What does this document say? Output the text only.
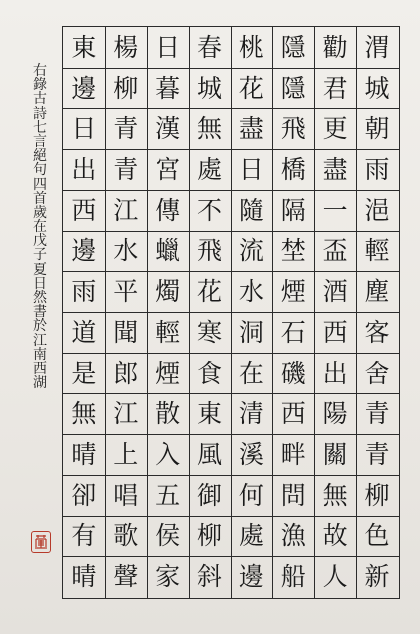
渭
城
朝
雨
浥
輕
塵
客
舍
青
青
柳
色
新
勸
君
更
盡
一
盃
酒
西
出
陽
關
無
故
人
隱
隱
飛
橋
隔
埜
煙
石
磯
西
畔
問
漁
船
桃
花
盡
日
隨
流
水
洞
在
清
溪
何
處
邊
春
城
無
處
不
飛
花
寒
食
東
風
御
柳
斜
日
暮
漢
宮
傳
蠟
燭
輕
煙
散
入
五
侯
家
楊
柳
青
青
江
水
平
聞
郎
江
上
唱
歌
聲
東
邊
日
出
西
邊
雨
道
是
無
晴
卻
有
晴
右
錄
古
詩
七
言
絕
句
四
首
歲
在
戊
子
夏
日
然
書
於
江
南
西
湖
